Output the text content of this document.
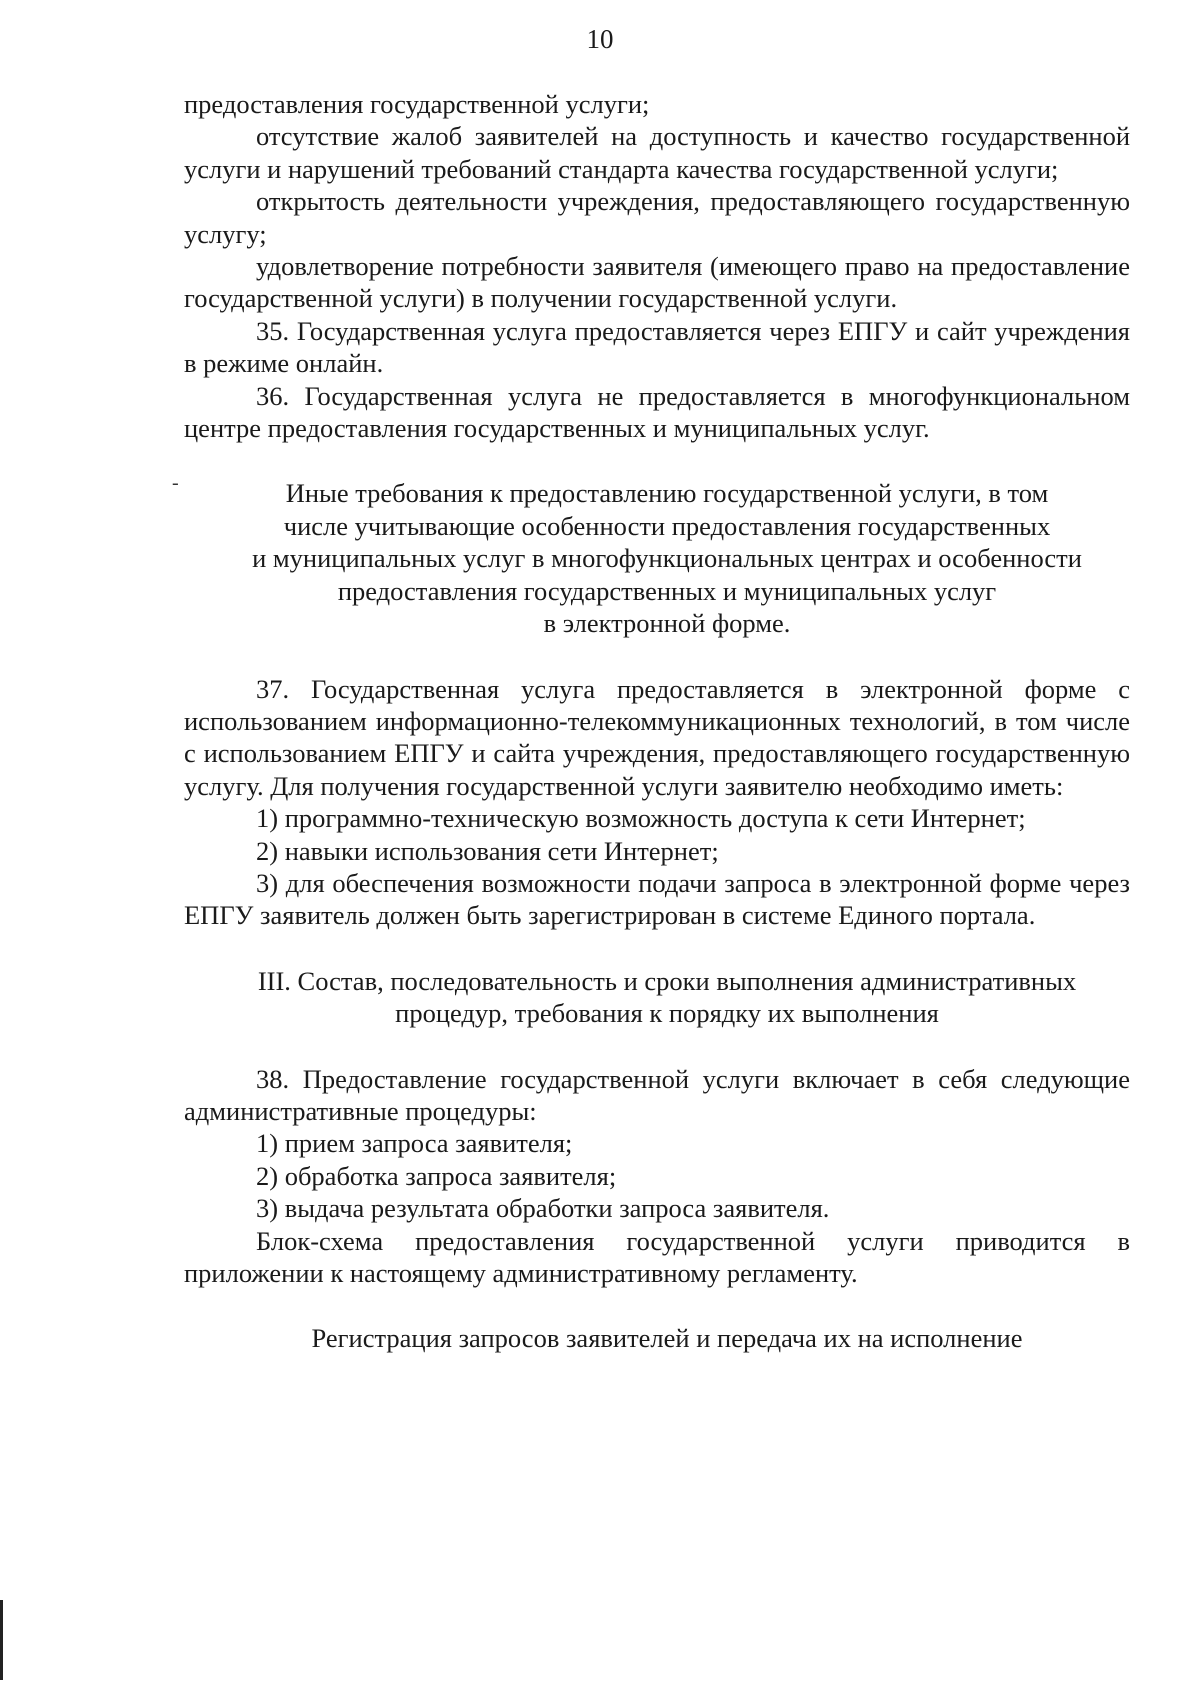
10
-

предоставления государственной услуги;

отсутствие жалоб заявителей на доступность и качество государственной услуги и нарушений требований стандарта качества государственной услуги;

открытость деятельности учреждения, предоставляющего государственную услугу;

удовлетворение потребности заявителя (имеющего право на предоставление государственной услуги) в получении государственной услуги.

35. Государственная услуга предоставляется через ЕПГУ и сайт учреждения в режиме онлайн.

36. Государственная услуга не предоставляется в многофункциональном центре предоставления государственных и муниципальных услуг.

Иные требования к предоставлению государственной услуги, в том
числе учитывающие особенности предоставления государственных
и муниципальных услуг в многофункциональных центрах и особенности
предоставления государственных и муниципальных услуг
в электронной форме.

37. Государственная услуга предоставляется в электронной форме с использованием информационно-телекоммуникационных технологий, в том числе с использованием ЕПГУ и сайта учреждения, предоставляющего государственную услугу. Для получения государственной услуги заявителю необходимо иметь:

1) программно-техническую возможность доступа к сети Интернет;

2) навыки использования сети Интернет;

3) для обеспечения возможности подачи запроса в электронной форме через ЕПГУ заявитель должен быть зарегистрирован в системе Единого портала.

III. Состав, последовательность и сроки выполнения административных
процедур, требования к порядку их выполнения

38. Предоставление государственной услуги включает в себя следующие административные процедуры:

1) прием запроса заявителя;

2) обработка запроса заявителя;

3) выдача результата обработки запроса заявителя.

Блок-схема предоставления государственной услуги приводится в приложении к настоящему административному регламенту.

Регистрация запросов заявителей и передача их на исполнение
